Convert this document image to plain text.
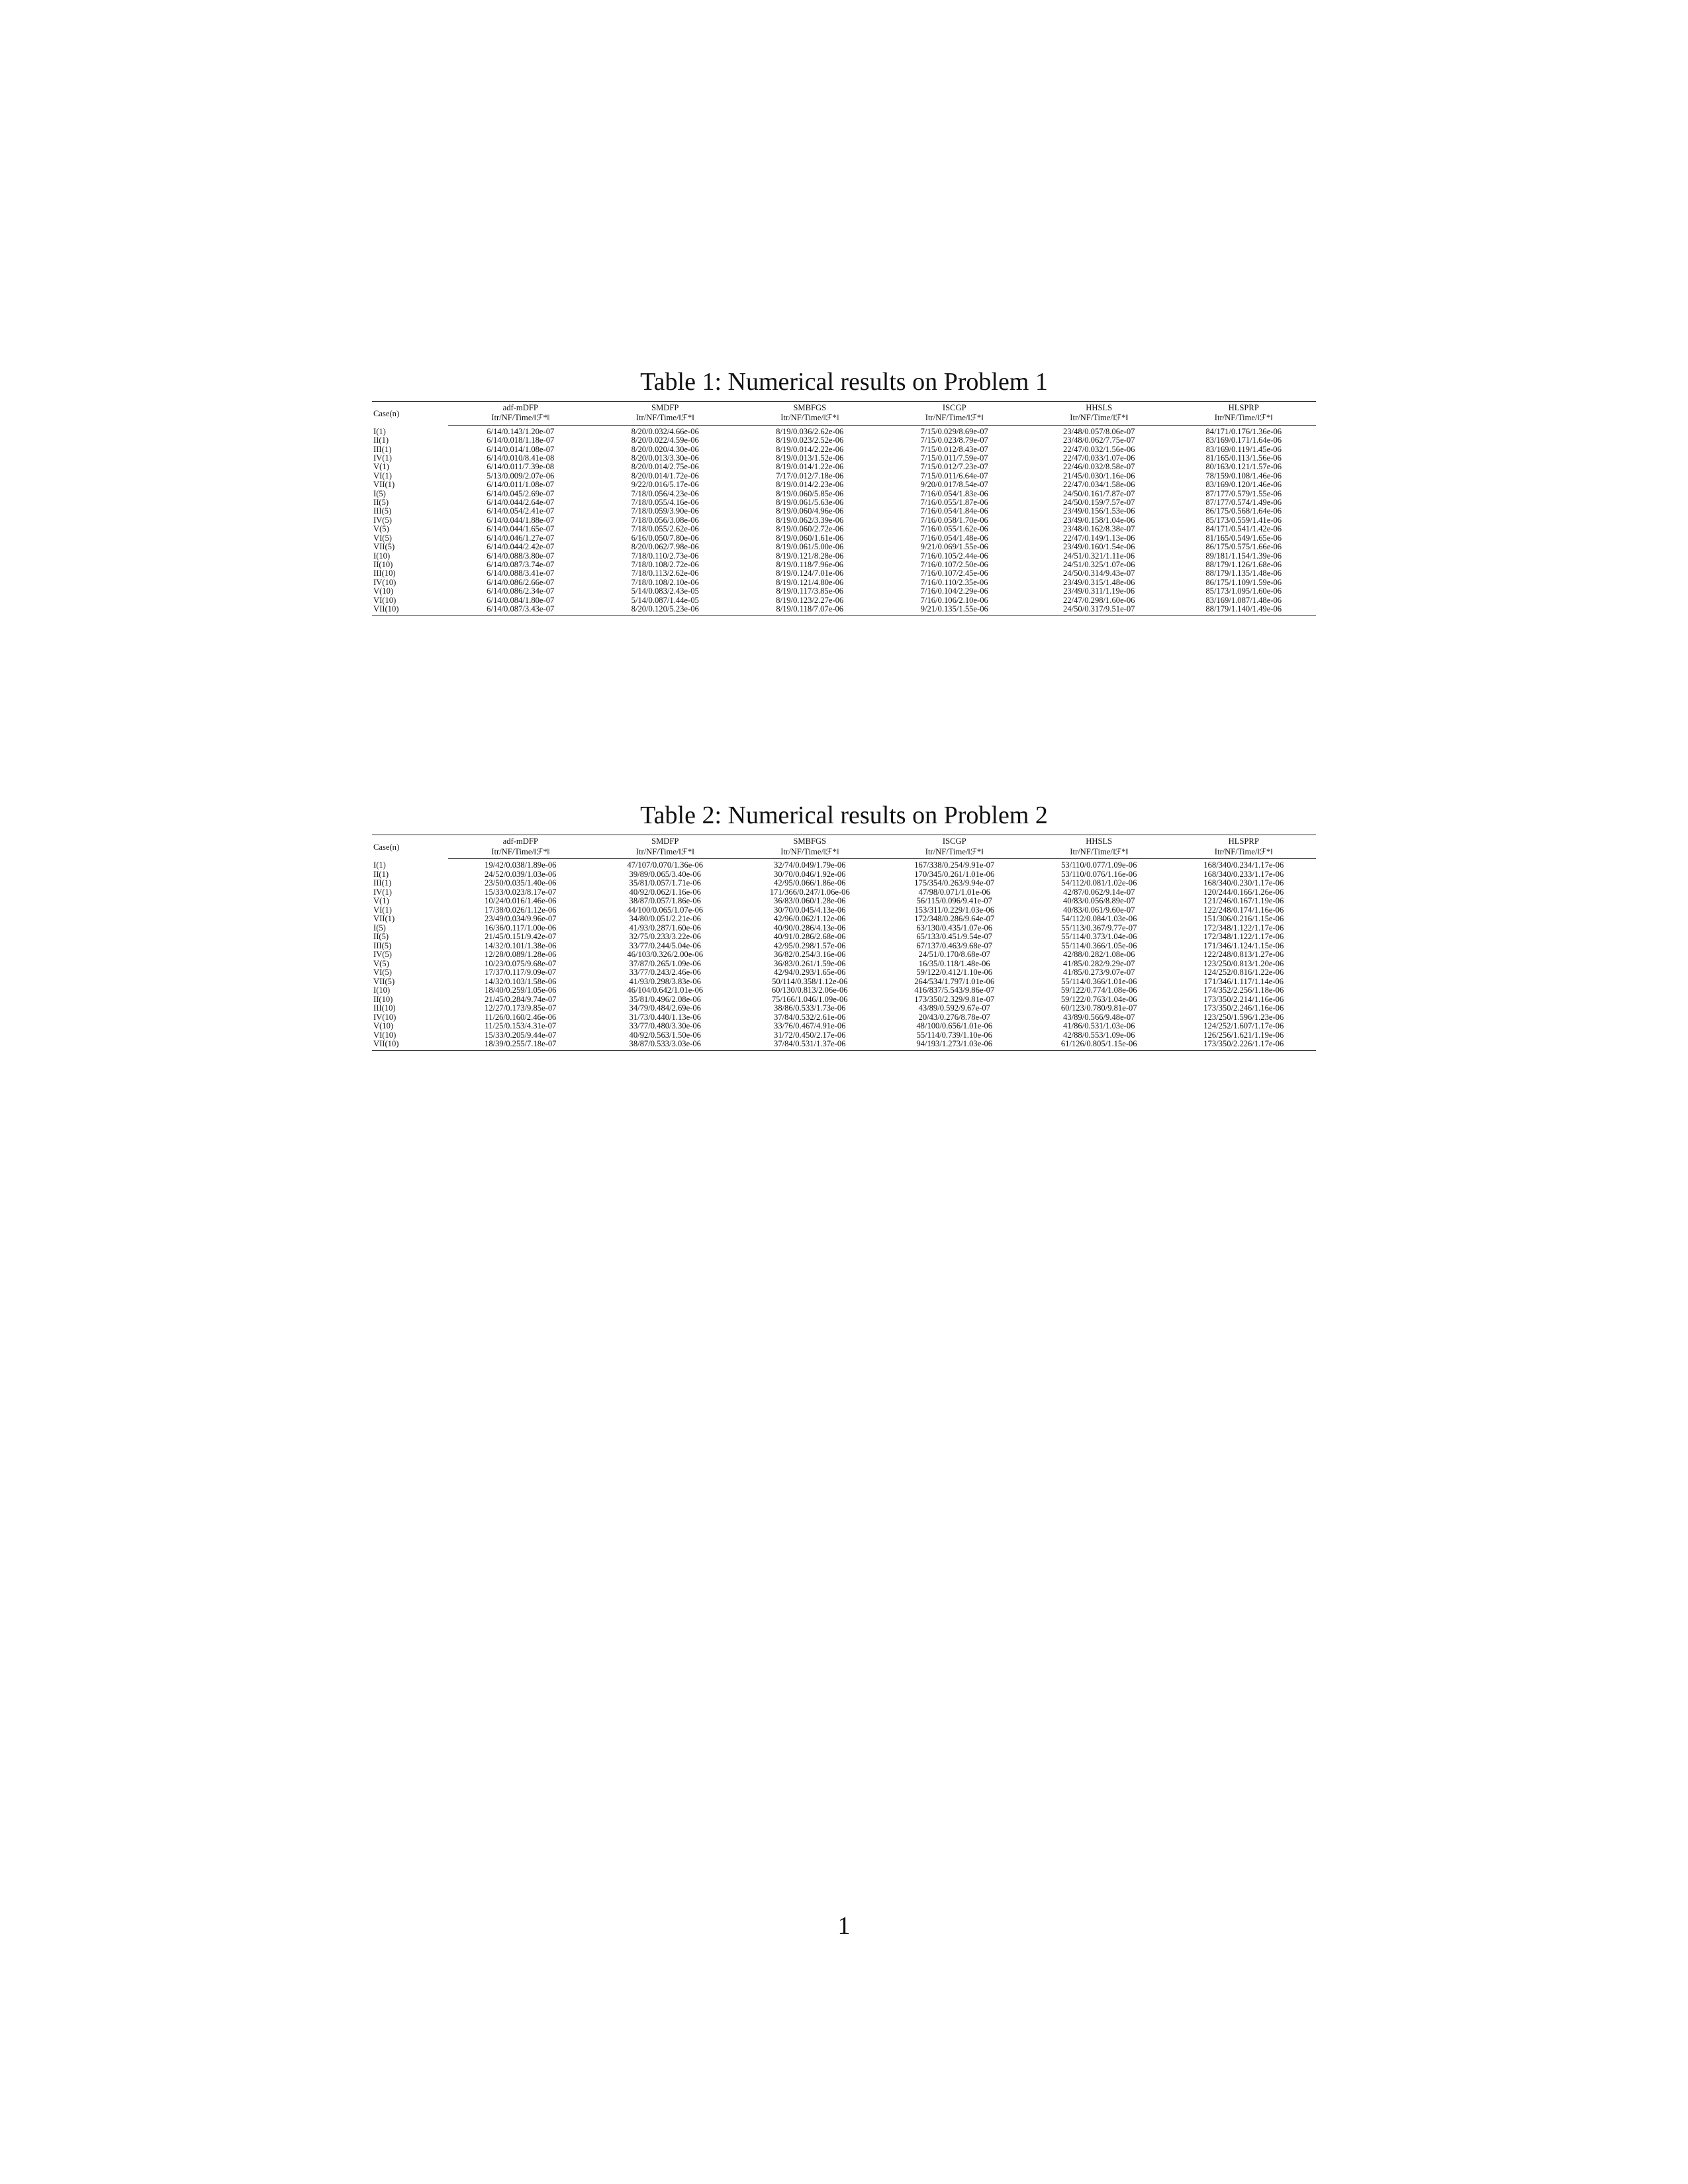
Table 1: Numerical results on Problem 1
Case(n)	adf-mDFP	SMDFP	SMBFGS	ISCGP	HHSLS	HLSPRP
	Itr/NF/Time/‖ℱ*‖	Itr/NF/Time/‖ℱ*‖	Itr/NF/Time/‖ℱ*‖	Itr/NF/Time/‖ℱ*‖	Itr/NF/Time/‖ℱ*‖	Itr/NF/Time/‖ℱ*‖
I(1)	6/14/0.143/1.20e-07	8/20/0.032/4.66e-06	8/19/0.036/2.62e-06	7/15/0.029/8.69e-07	23/48/0.057/8.06e-07	84/171/0.176/1.36e-06
II(1)	6/14/0.018/1.18e-07	8/20/0.022/4.59e-06	8/19/0.023/2.52e-06	7/15/0.023/8.79e-07	23/48/0.062/7.75e-07	83/169/0.171/1.64e-06
III(1)	6/14/0.014/1.08e-07	8/20/0.020/4.30e-06	8/19/0.014/2.22e-06	7/15/0.012/8.43e-07	22/47/0.032/1.56e-06	83/169/0.119/1.45e-06
IV(1)	6/14/0.010/8.41e-08	8/20/0.013/3.30e-06	8/19/0.013/1.52e-06	7/15/0.011/7.59e-07	22/47/0.033/1.07e-06	81/165/0.113/1.56e-06
V(1)	6/14/0.011/7.39e-08	8/20/0.014/2.75e-06	8/19/0.014/1.22e-06	7/15/0.012/7.23e-07	22/46/0.032/8.58e-07	80/163/0.121/1.57e-06
VI(1)	5/13/0.009/2.07e-06	8/20/0.014/1.72e-06	7/17/0.012/7.18e-06	7/15/0.011/6.64e-07	21/45/0.030/1.16e-06	78/159/0.108/1.46e-06
VII(1)	6/14/0.011/1.08e-07	9/22/0.016/5.17e-06	8/19/0.014/2.23e-06	9/20/0.017/8.54e-07	22/47/0.034/1.58e-06	83/169/0.120/1.46e-06
I(5)	6/14/0.045/2.69e-07	7/18/0.056/4.23e-06	8/19/0.060/5.85e-06	7/16/0.054/1.83e-06	24/50/0.161/7.87e-07	87/177/0.579/1.55e-06
II(5)	6/14/0.044/2.64e-07	7/18/0.055/4.16e-06	8/19/0.061/5.63e-06	7/16/0.055/1.87e-06	24/50/0.159/7.57e-07	87/177/0.574/1.49e-06
III(5)	6/14/0.054/2.41e-07	7/18/0.059/3.90e-06	8/19/0.060/4.96e-06	7/16/0.054/1.84e-06	23/49/0.156/1.53e-06	86/175/0.568/1.64e-06
IV(5)	6/14/0.044/1.88e-07	7/18/0.056/3.08e-06	8/19/0.062/3.39e-06	7/16/0.058/1.70e-06	23/49/0.158/1.04e-06	85/173/0.559/1.41e-06
V(5)	6/14/0.044/1.65e-07	7/18/0.055/2.62e-06	8/19/0.060/2.72e-06	7/16/0.055/1.62e-06	23/48/0.162/8.38e-07	84/171/0.541/1.42e-06
VI(5)	6/14/0.046/1.27e-07	6/16/0.050/7.80e-06	8/19/0.060/1.61e-06	7/16/0.054/1.48e-06	22/47/0.149/1.13e-06	81/165/0.549/1.65e-06
VII(5)	6/14/0.044/2.42e-07	8/20/0.062/7.98e-06	8/19/0.061/5.00e-06	9/21/0.069/1.55e-06	23/49/0.160/1.54e-06	86/175/0.575/1.66e-06
I(10)	6/14/0.088/3.80e-07	7/18/0.110/2.73e-06	8/19/0.121/8.28e-06	7/16/0.105/2.44e-06	24/51/0.321/1.11e-06	89/181/1.154/1.39e-06
II(10)	6/14/0.087/3.74e-07	7/18/0.108/2.72e-06	8/19/0.118/7.96e-06	7/16/0.107/2.50e-06	24/51/0.325/1.07e-06	88/179/1.126/1.68e-06
III(10)	6/14/0.088/3.41e-07	7/18/0.113/2.62e-06	8/19/0.124/7.01e-06	7/16/0.107/2.45e-06	24/50/0.314/9.43e-07	88/179/1.135/1.48e-06
IV(10)	6/14/0.086/2.66e-07	7/18/0.108/2.10e-06	8/19/0.121/4.80e-06	7/16/0.110/2.35e-06	23/49/0.315/1.48e-06	86/175/1.109/1.59e-06
V(10)	6/14/0.086/2.34e-07	5/14/0.083/2.43e-05	8/19/0.117/3.85e-06	7/16/0.104/2.29e-06	23/49/0.311/1.19e-06	85/173/1.095/1.60e-06
VI(10)	6/14/0.084/1.80e-07	5/14/0.087/1.44e-05	8/19/0.123/2.27e-06	7/16/0.106/2.10e-06	22/47/0.298/1.60e-06	83/169/1.087/1.48e-06
VII(10)	6/14/0.087/3.43e-07	8/20/0.120/5.23e-06	8/19/0.118/7.07e-06	9/21/0.135/1.55e-06	24/50/0.317/9.51e-07	88/179/1.140/1.49e-06
Table 2: Numerical results on Problem 2
Case(n)	adf-mDFP	SMDFP	SMBFGS	ISCGP	HHSLS	HLSPRP
	Itr/NF/Time/‖ℱ*‖	Itr/NF/Time/‖ℱ*‖	Itr/NF/Time/‖ℱ*‖	Itr/NF/Time/‖ℱ*‖	Itr/NF/Time/‖ℱ*‖	Itr/NF/Time/‖ℱ*‖
I(1)	19/42/0.038/1.89e-06	47/107/0.070/1.36e-06	32/74/0.049/1.79e-06	167/338/0.254/9.91e-07	53/110/0.077/1.09e-06	168/340/0.234/1.17e-06
II(1)	24/52/0.039/1.03e-06	39/89/0.065/3.40e-06	30/70/0.046/1.92e-06	170/345/0.261/1.01e-06	53/110/0.076/1.16e-06	168/340/0.233/1.17e-06
III(1)	23/50/0.035/1.40e-06	35/81/0.057/1.71e-06	42/95/0.066/1.86e-06	175/354/0.263/9.94e-07	54/112/0.081/1.02e-06	168/340/0.230/1.17e-06
IV(1)	15/33/0.023/8.17e-07	40/92/0.062/1.16e-06	171/366/0.247/1.06e-06	47/98/0.071/1.01e-06	42/87/0.062/9.14e-07	120/244/0.166/1.26e-06
V(1)	10/24/0.016/1.46e-06	38/87/0.057/1.86e-06	36/83/0.060/1.28e-06	56/115/0.096/9.41e-07	40/83/0.056/8.89e-07	121/246/0.167/1.19e-06
VI(1)	17/38/0.026/1.12e-06	44/100/0.065/1.07e-06	30/70/0.045/4.13e-06	153/311/0.229/1.03e-06	40/83/0.061/9.60e-07	122/248/0.174/1.16e-06
VII(1)	23/49/0.034/9.96e-07	34/80/0.051/2.21e-06	42/96/0.062/1.12e-06	172/348/0.286/9.64e-07	54/112/0.084/1.03e-06	151/306/0.216/1.15e-06
I(5)	16/36/0.117/1.00e-06	41/93/0.287/1.60e-06	40/90/0.286/4.13e-06	63/130/0.435/1.07e-06	55/113/0.367/9.77e-07	172/348/1.122/1.17e-06
II(5)	21/45/0.151/9.42e-07	32/75/0.233/3.22e-06	40/91/0.286/2.68e-06	65/133/0.451/9.54e-07	55/114/0.373/1.04e-06	172/348/1.122/1.17e-06
III(5)	14/32/0.101/1.38e-06	33/77/0.244/5.04e-06	42/95/0.298/1.57e-06	67/137/0.463/9.68e-07	55/114/0.366/1.05e-06	171/346/1.124/1.15e-06
IV(5)	12/28/0.089/1.28e-06	46/103/0.326/2.00e-06	36/82/0.254/3.16e-06	24/51/0.170/8.68e-07	42/88/0.282/1.08e-06	122/248/0.813/1.27e-06
V(5)	10/23/0.075/9.68e-07	37/87/0.265/1.09e-06	36/83/0.261/1.59e-06	16/35/0.118/1.48e-06	41/85/0.282/9.29e-07	123/250/0.813/1.20e-06
VI(5)	17/37/0.117/9.09e-07	33/77/0.243/2.46e-06	42/94/0.293/1.65e-06	59/122/0.412/1.10e-06	41/85/0.273/9.07e-07	124/252/0.816/1.22e-06
VII(5)	14/32/0.103/1.58e-06	41/93/0.298/3.83e-06	50/114/0.358/1.12e-06	264/534/1.797/1.01e-06	55/114/0.366/1.01e-06	171/346/1.117/1.14e-06
I(10)	18/40/0.259/1.05e-06	46/104/0.642/1.01e-06	60/130/0.813/2.06e-06	416/837/5.543/9.86e-07	59/122/0.774/1.08e-06	174/352/2.256/1.18e-06
II(10)	21/45/0.284/9.74e-07	35/81/0.496/2.08e-06	75/166/1.046/1.09e-06	173/350/2.329/9.81e-07	59/122/0.763/1.04e-06	173/350/2.214/1.16e-06
III(10)	12/27/0.173/9.85e-07	34/79/0.484/2.69e-06	38/86/0.533/1.73e-06	43/89/0.592/9.67e-07	60/123/0.780/9.81e-07	173/350/2.246/1.16e-06
IV(10)	11/26/0.160/2.46e-06	31/73/0.440/1.13e-06	37/84/0.532/2.61e-06	20/43/0.276/8.78e-07	43/89/0.566/9.48e-07	123/250/1.596/1.23e-06
V(10)	11/25/0.153/4.31e-07	33/77/0.480/3.30e-06	33/76/0.467/4.91e-06	48/100/0.656/1.01e-06	41/86/0.531/1.03e-06	124/252/1.607/1.17e-06
VI(10)	15/33/0.205/9.44e-07	40/92/0.563/1.50e-06	31/72/0.450/2.17e-06	55/114/0.739/1.10e-06	42/88/0.553/1.09e-06	126/256/1.621/1.19e-06
VII(10)	18/39/0.255/7.18e-07	38/87/0.533/3.03e-06	37/84/0.531/1.37e-06	94/193/1.273/1.03e-06	61/126/0.805/1.15e-06	173/350/2.226/1.17e-06
1
